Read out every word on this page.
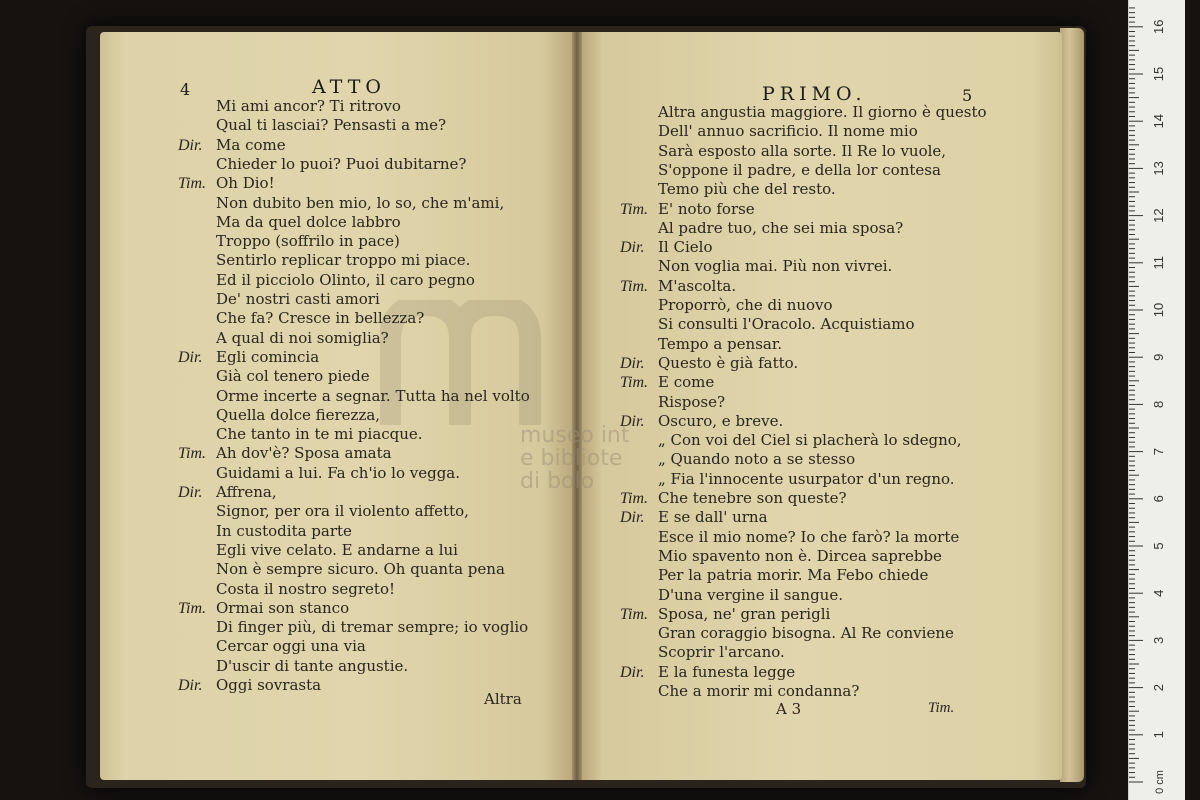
museo int
e bibliote
di bolo
4	ATTO	PRIMO.	5
Mi ami ancor? Ti ritrovo
Qual ti lasciai? Pensasti a me?
Dir. Ma come
Chieder lo puoi? Puoi dubitarne?
Tim. Oh Dio!
Non dubito ben mio, lo so, che m'ami,
Ma da quel dolce labbro
Troppo (soffrilo in pace)
Sentirlo replicar troppo mi piace.
Ed il picciolo Olinto, il caro pegno
De' nostri casti amori
Che fa? Cresce in bellezza?
A qual di noi somiglia?
Dir. Egli comincia
Già col tenero piede
Orme incerte a segnar. Tutta ha nel volto
Quella dolce fierezza,
Che tanto in te mi piacque.
Tim. Ah dov'è? Sposa amata
Guidami a lui. Fa ch'io lo vegga.
Dir. Affrena,
Signor, per ora il violento affetto,
In custodita parte
Egli vive celato. E andarne a lui
Non è sempre sicuro. Oh quanta pena
Costa il nostro segreto!
Tim. Ormai son stanco
Di finger più, di tremar sempre; io voglio
Cercar oggi una via
D'uscir di tante angustie.
Dir. Oggi sovrasta
Altra angustia maggiore. Il giorno è questo
Dell' annuo sacrificio. Il nome mio
Sarà esposto alla sorte. Il Re lo vuole,
S'oppone il padre, e della lor contesa
Temo più che del resto.
Tim. E' noto forse
Al padre tuo, che sei mia sposa?
Dir. Il Cielo
Non voglia mai. Più non vivrei.
Tim. M'ascolta.
Proporrò, che di nuovo
Si consulti l'Oracolo. Acquistiamo
Tempo a pensar.
Dir. Questo è già fatto.
Tim. E come
Rispose?
Dir. Oscuro, e breve.
„ Con voi del Ciel si placherà lo sdegno,
„ Quando noto a se stesso
„ Fia l'innocente usurpator d'un regno.
Tim. Che tenebre son queste?
Dir. E se dall' urna
Esce il mio nome? Io che farò? la morte
Mio spavento non è. Dircea saprebbe
Per la patria morir. Ma Febo chiede
D'una vergine il sangue.
Tim. Sposa, ne' gran perigli
Gran coraggio bisogna. Al Re conviene
Scoprir l'arcano.
Dir. E la funesta legge
Che a morir mi condanna?
Altra
A 3	Tim.
1
2
3
4
5
6
7
8
9
10
11
12
13
14
15
16
0 cm
